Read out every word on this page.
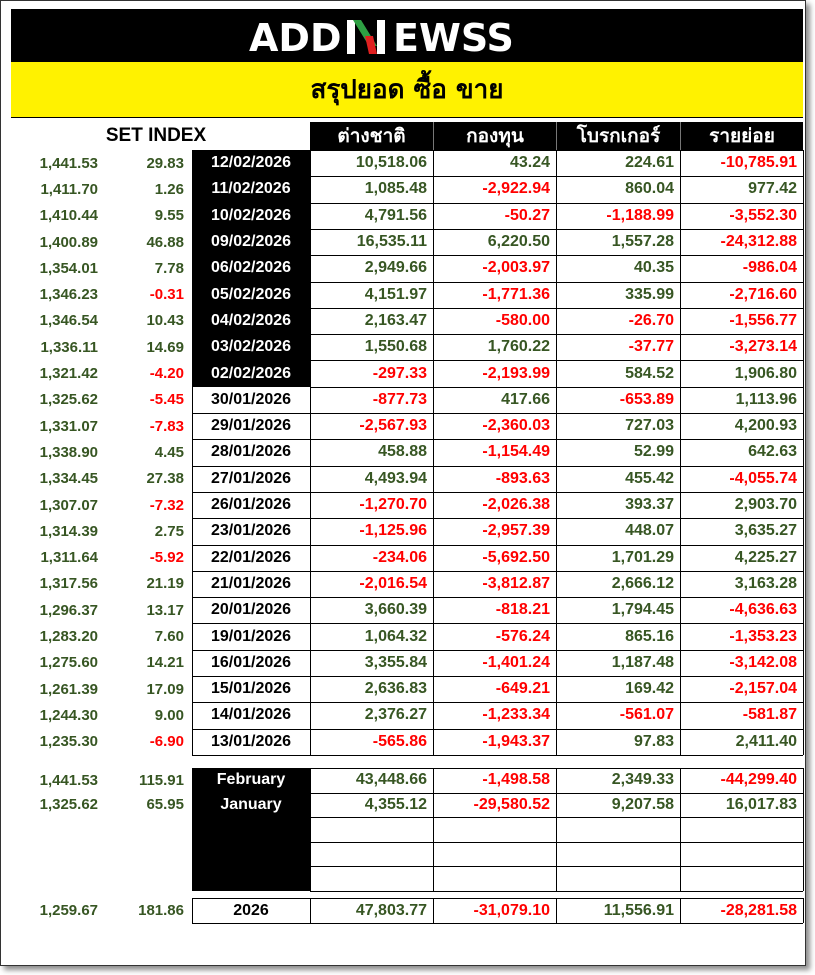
ADD EWSS
สรุปยอด ซื้อ ขาย
SET INDEX	ต่างชาติ	กองทุน	โบรกเกอร์	รายย่อย
1,441.53	29.83	12/02/2026	10,518.06	43.24	224.61	-10,785.91
1,411.70	1.26	11/02/2026	1,085.48	-2,922.94	860.04	977.42
1,410.44	9.55	10/02/2026	4,791.56	-50.27	-1,188.99	-3,552.30
1,400.89	46.88	09/02/2026	16,535.11	6,220.50	1,557.28	-24,312.88
1,354.01	7.78	06/02/2026	2,949.66	-2,003.97	40.35	-986.04
1,346.23	-0.31	05/02/2026	4,151.97	-1,771.36	335.99	-2,716.60
1,346.54	10.43	04/02/2026	2,163.47	-580.00	-26.70	-1,556.77
1,336.11	14.69	03/02/2026	1,550.68	1,760.22	-37.77	-3,273.14
1,321.42	-4.20	02/02/2026	-297.33	-2,193.99	584.52	1,906.80
1,325.62	-5.45	30/01/2026	-877.73	417.66	-653.89	1,113.96
1,331.07	-7.83	29/01/2026	-2,567.93	-2,360.03	727.03	4,200.93
1,338.90	4.45	28/01/2026	458.88	-1,154.49	52.99	642.63
1,334.45	27.38	27/01/2026	4,493.94	-893.63	455.42	-4,055.74
1,307.07	-7.32	26/01/2026	-1,270.70	-2,026.38	393.37	2,903.70
1,314.39	2.75	23/01/2026	-1,125.96	-2,957.39	448.07	3,635.27
1,311.64	-5.92	22/01/2026	-234.06	-5,692.50	1,701.29	4,225.27
1,317.56	21.19	21/01/2026	-2,016.54	-3,812.87	2,666.12	3,163.28
1,296.37	13.17	20/01/2026	3,660.39	-818.21	1,794.45	-4,636.63
1,283.20	7.60	19/01/2026	1,064.32	-576.24	865.16	-1,353.23
1,275.60	14.21	16/01/2026	3,355.84	-1,401.24	1,187.48	-3,142.08
1,261.39	17.09	15/01/2026	2,636.83	-649.21	169.42	-2,157.04
1,244.30	9.00	14/01/2026	2,376.27	-1,233.34	-561.07	-581.87
1,235.30	-6.90	13/01/2026	-565.86	-1,943.37	97.83	2,411.40
1,441.53	115.91	February	43,448.66	-1,498.58	2,349.33	-44,299.40
1,325.62	65.95	January	4,355.12	-29,580.52	9,207.58	16,017.83
1,259.67	181.86	2026	47,803.77	-31,079.10	11,556.91	-28,281.58
